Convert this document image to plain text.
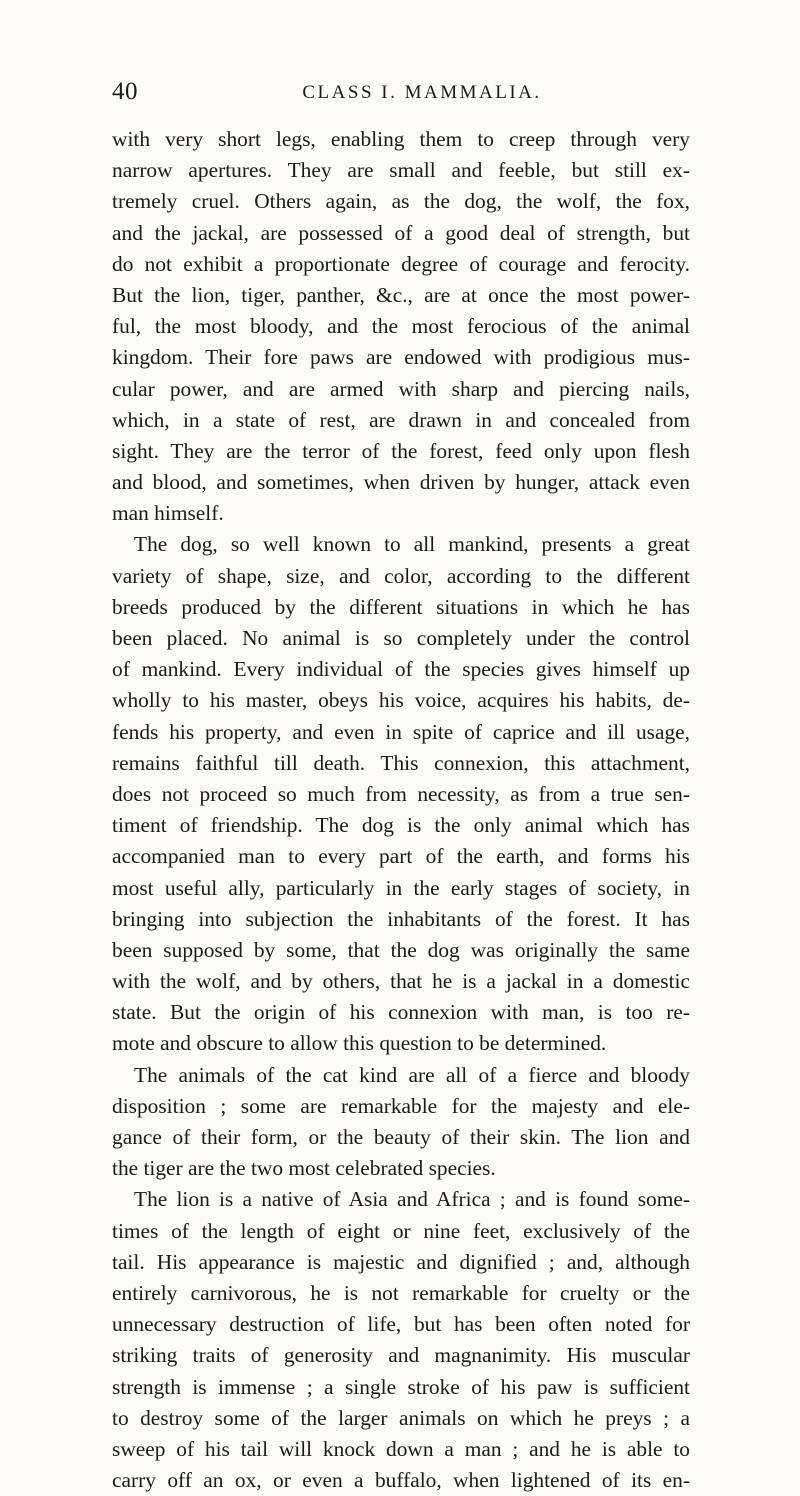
40	CLASS I. MAMMALIA.
with very short legs, enabling them to creep through very
narrow apertures. They are small and feeble, but still ex-
tremely cruel. Others again, as the dog, the wolf, the fox,
and the jackal, are possessed of a good deal of strength, but
do not exhibit a proportionate degree of courage and ferocity.
But the lion, tiger, panther, &c., are at once the most power-
ful, the most bloody, and the most ferocious of the animal
kingdom. Their fore paws are endowed with prodigious mus-
cular power, and are armed with sharp and piercing nails,
which, in a state of rest, are drawn in and concealed from
sight. They are the terror of the forest, feed only upon flesh
and blood, and sometimes, when driven by hunger, attack even
man himself.
The dog, so well known to all mankind, presents a great
variety of shape, size, and color, according to the different
breeds produced by the different situations in which he has
been placed. No animal is so completely under the control
of mankind. Every individual of the species gives himself up
wholly to his master, obeys his voice, acquires his habits, de-
fends his property, and even in spite of caprice and ill usage,
remains faithful till death. This connexion, this attachment,
does not proceed so much from necessity, as from a true sen-
timent of friendship. The dog is the only animal which has
accompanied man to every part of the earth, and forms his
most useful ally, particularly in the early stages of society, in
bringing into subjection the inhabitants of the forest. It has
been supposed by some, that the dog was originally the same
with the wolf, and by others, that he is a jackal in a domestic
state. But the origin of his connexion with man, is too re-
mote and obscure to allow this question to be determined.
The animals of the cat kind are all of a fierce and bloody
disposition ; some are remarkable for the majesty and ele-
gance of their form, or the beauty of their skin. The lion and
the tiger are the two most celebrated species.
The lion is a native of Asia and Africa ; and is found some-
times of the length of eight or nine feet, exclusively of the
tail. His appearance is majestic and dignified ; and, although
entirely carnivorous, he is not remarkable for cruelty or the
unnecessary destruction of life, but has been often noted for
striking traits of generosity and magnanimity. His muscular
strength is immense ; a single stroke of his paw is sufficient
to destroy some of the larger animals on which he preys ; a
sweep of his tail will knock down a man ; and he is able to
carry off an ox, or even a buffalo, when lightened of its en-
